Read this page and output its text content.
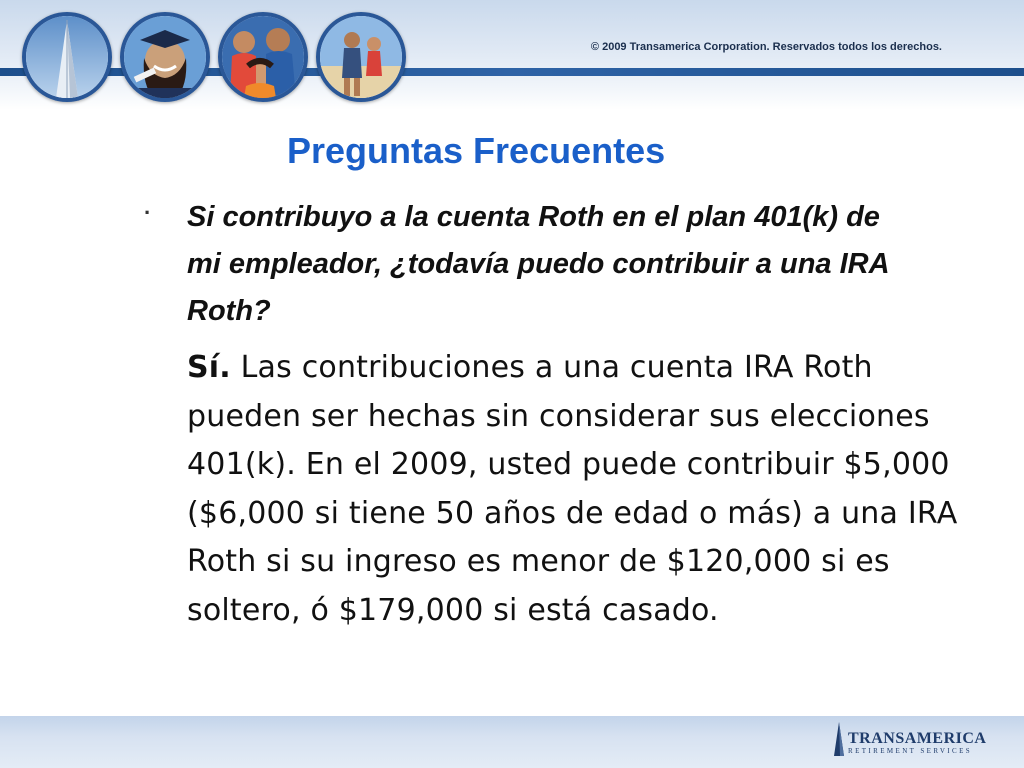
© 2009 Transamerica Corporation. Reservados todos los derechos.
Preguntas Frecuentes
· Si contribuyo a la cuenta Roth en el plan 401(k) de mi empleador, ¿todavía puedo contribuir a una IRA Roth?
Sí. Las contribuciones a una cuenta IRA Roth pueden ser hechas sin considerar sus elecciones 401(k). En el 2009, usted puede contribuir $5,000 ($6,000 si tiene 50 años de edad o más) a una IRA Roth si su ingreso es menor de $120,000 si es soltero, ó $179,000 si está casado.
TRANSAMERICA
RETIREMENT SERVICES
